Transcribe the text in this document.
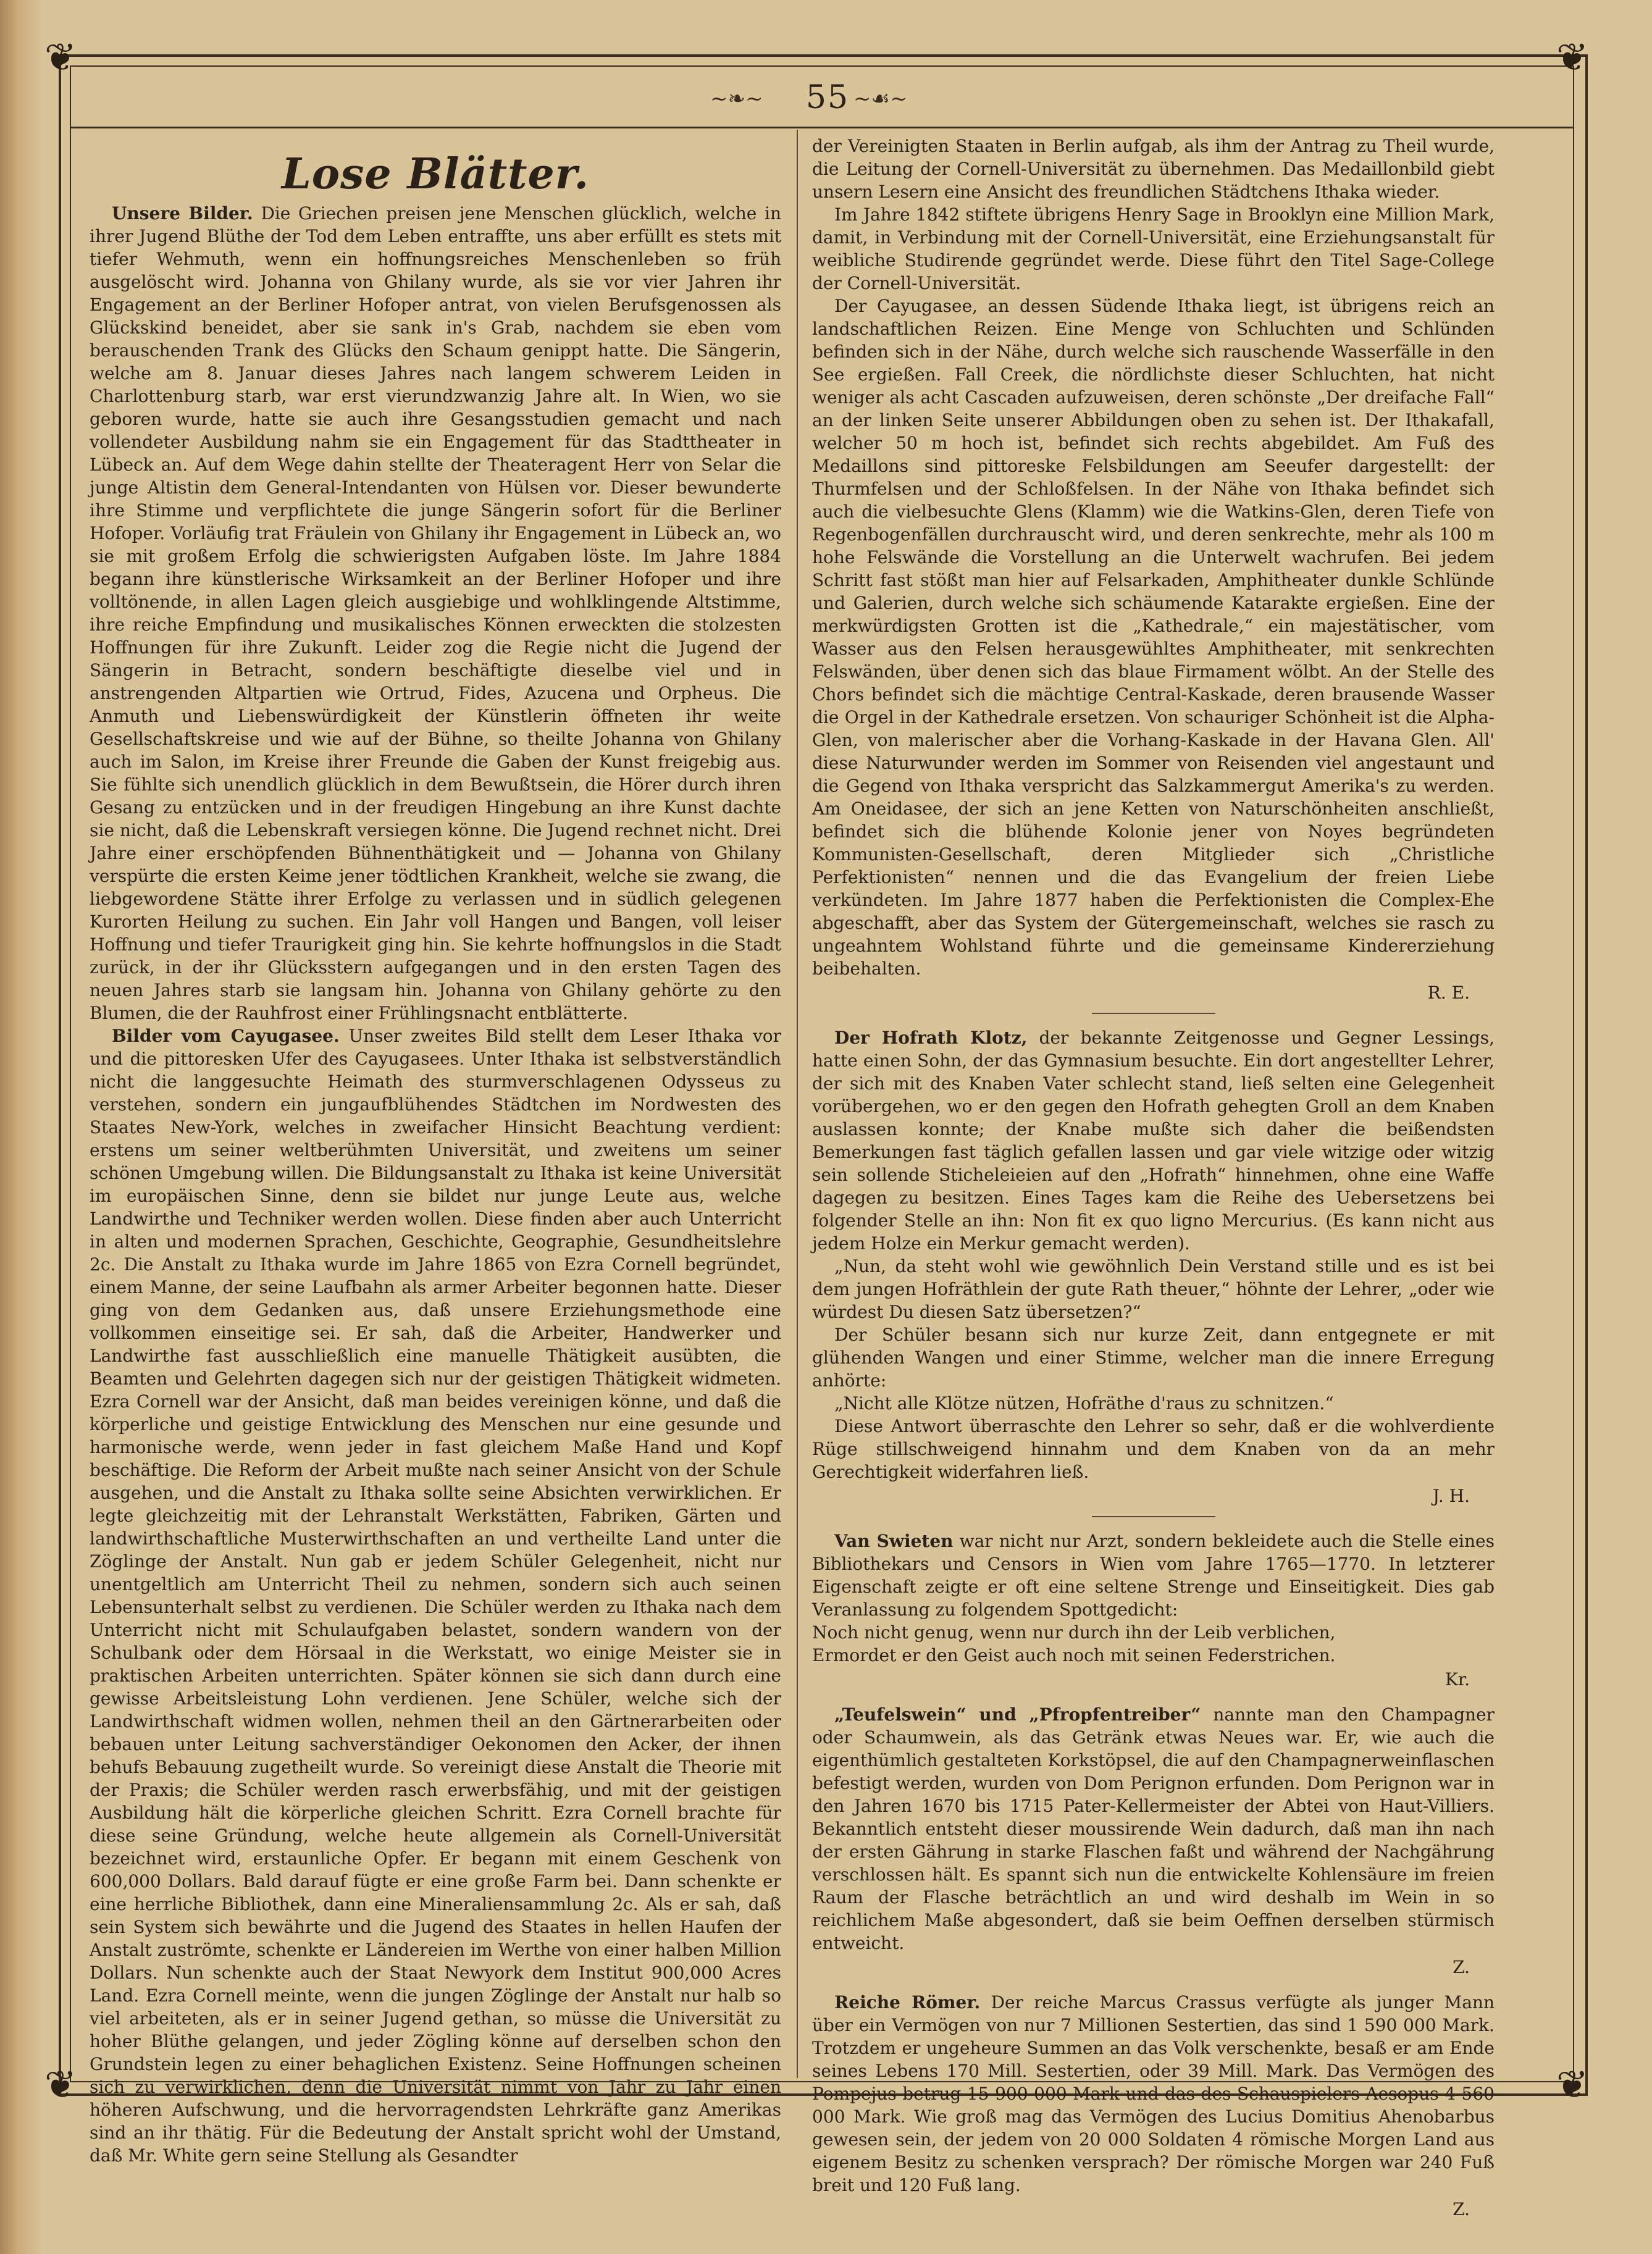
❦	❦
❦	❦
~❧~	55 ~☙~
Lose Blätter.

Unsere Bilder. Die Griechen preisen jene Menschen glücklich, welche in ihrer Jugend Blüthe der Tod dem Leben entraffte, uns aber erfüllt es stets mit tiefer Wehmuth, wenn ein hoffnungsreiches Menschenleben so früh ausgelöscht wird. Johanna von Ghilany wurde, als sie vor vier Jahren ihr Engagement an der Berliner Hofoper antrat, von vielen Berufsgenossen als Glückskind beneidet, aber sie sank in's Grab, nachdem sie eben vom berauschenden Trank des Glücks den Schaum genippt hatte. Die Sängerin, welche am 8. Januar dieses Jahres nach langem schwerem Leiden in Charlottenburg starb, war erst vierundzwanzig Jahre alt. In Wien, wo sie geboren wurde, hatte sie auch ihre Gesangsstudien gemacht und nach vollendeter Ausbildung nahm sie ein Engagement für das Stadttheater in Lübeck an. Auf dem Wege dahin stellte der Theateragent Herr von Selar die junge Altistin dem General-Intendanten von Hülsen vor. Dieser bewunderte ihre Stimme und verpflichtete die junge Sängerin sofort für die Berliner Hofoper. Vorläufig trat Fräulein von Ghilany ihr Engagement in Lübeck an, wo sie mit großem Erfolg die schwierigsten Aufgaben löste. Im Jahre 1884 begann ihre künstlerische Wirksamkeit an der Berliner Hofoper und ihre volltönende, in allen Lagen gleich ausgiebige und wohlklingende Altstimme, ihre reiche Empfindung und musikalisches Können erweckten die stolzesten Hoffnungen für ihre Zukunft. Leider zog die Regie nicht die Jugend der Sängerin in Betracht, sondern beschäftigte dieselbe viel und in anstrengenden Altpartien wie Ortrud, Fides, Azucena und Orpheus. Die Anmuth und Liebenswürdigkeit der Künstlerin öffneten ihr weite Gesellschaftskreise und wie auf der Bühne, so theilte Johanna von Ghilany auch im Salon, im Kreise ihrer Freunde die Gaben der Kunst freigebig aus. Sie fühlte sich unendlich glücklich in dem Bewußtsein, die Hörer durch ihren Gesang zu entzücken und in der freudigen Hingebung an ihre Kunst dachte sie nicht, daß die Lebenskraft versiegen könne. Die Jugend rechnet nicht. Drei Jahre einer erschöpfenden Bühnenthätigkeit und — Johanna von Ghilany verspürte die ersten Keime jener tödtlichen Krankheit, welche sie zwang, die liebgewordene Stätte ihrer Erfolge zu verlassen und in südlich gelegenen Kurorten Heilung zu suchen. Ein Jahr voll Hangen und Bangen, voll leiser Hoffnung und tiefer Traurigkeit ging hin. Sie kehrte hoffnungslos in die Stadt zurück, in der ihr Glücksstern aufgegangen und in den ersten Tagen des neuen Jahres starb sie langsam hin. Johanna von Ghilany gehörte zu den Blumen, die der Rauhfrost einer Frühlingsnacht entblätterte.

Bilder vom Cayugasee. Unser zweites Bild stellt dem Leser Ithaka vor und die pittoresken Ufer des Cayugasees. Unter Ithaka ist selbstverständlich nicht die langgesuchte Heimath des sturmverschlagenen Odysseus zu verstehen, sondern ein jungaufblühendes Städtchen im Nordwesten des Staates New-York, welches in zweifacher Hinsicht Beachtung verdient: erstens um seiner weltberühmten Universität, und zweitens um seiner schönen Umgebung willen. Die Bildungsanstalt zu Ithaka ist keine Universität im europäischen Sinne, denn sie bildet nur junge Leute aus, welche Landwirthe und Techniker werden wollen. Diese finden aber auch Unterricht in alten und modernen Sprachen, Geschichte, Geographie, Gesundheitslehre 2c. Die Anstalt zu Ithaka wurde im Jahre 1865 von Ezra Cornell begründet, einem Manne, der seine Laufbahn als armer Arbeiter begonnen hatte. Dieser ging von dem Gedanken aus, daß unsere Erziehungsmethode eine vollkommen einseitige sei. Er sah, daß die Arbeiter, Handwerker und Landwirthe fast ausschließlich eine manuelle Thätigkeit ausübten, die Beamten und Gelehrten dagegen sich nur der geistigen Thätigkeit widmeten. Ezra Cornell war der Ansicht, daß man beides vereinigen könne, und daß die körperliche und geistige Entwicklung des Menschen nur eine gesunde und harmonische werde, wenn jeder in fast gleichem Maße Hand und Kopf beschäftige. Die Reform der Arbeit mußte nach seiner Ansicht von der Schule ausgehen, und die Anstalt zu Ithaka sollte seine Absichten verwirklichen. Er legte gleichzeitig mit der Lehranstalt Werkstätten, Fabriken, Gärten und landwirthschaftliche Musterwirthschaften an und vertheilte Land unter die Zöglinge der Anstalt. Nun gab er jedem Schüler Gelegenheit, nicht nur unentgeltlich am Unterricht Theil zu nehmen, sondern sich auch seinen Lebensunterhalt selbst zu verdienen. Die Schüler werden zu Ithaka nach dem Unterricht nicht mit Schulaufgaben belastet, sondern wandern von der Schulbank oder dem Hörsaal in die Werkstatt, wo einige Meister sie in praktischen Arbeiten unterrichten. Später können sie sich dann durch eine gewisse Arbeitsleistung Lohn verdienen. Jene Schüler, welche sich der Landwirthschaft widmen wollen, nehmen theil an den Gärtnerarbeiten oder bebauen unter Leitung sachverständiger Oekonomen den Acker, der ihnen behufs Bebauung zugetheilt wurde. So vereinigt diese Anstalt die Theorie mit der Praxis; die Schüler werden rasch erwerbsfähig, und mit der geistigen Ausbildung hält die körperliche gleichen Schritt. Ezra Cornell brachte für diese seine Gründung, welche heute allgemein als Cornell-Universität bezeichnet wird, erstaunliche Opfer. Er begann mit einem Geschenk von 600,000 Dollars. Bald darauf fügte er eine große Farm bei. Dann schenkte er eine herrliche Bibliothek, dann eine Mineraliensammlung 2c. Als er sah, daß sein System sich bewährte und die Jugend des Staates in hellen Haufen der Anstalt zuströmte, schenkte er Ländereien im Werthe von einer halben Million Dollars. Nun schenkte auch der Staat Newyork dem Institut 900,000 Acres Land. Ezra Cornell meinte, wenn die jungen Zöglinge der Anstalt nur halb so viel arbeiteten, als er in seiner Jugend gethan, so müsse die Universität zu hoher Blüthe gelangen, und jeder Zögling könne auf derselben schon den Grundstein legen zu einer behaglichen Existenz. Seine Hoffnungen scheinen sich zu verwirklichen, denn die Universität nimmt von Jahr zu Jahr einen höheren Aufschwung, und die hervorragendsten Lehrkräfte ganz Amerikas sind an ihr thätig. Für die Bedeutung der Anstalt spricht wohl der Umstand, daß Mr. White gern seine Stellung als Gesandter

der Vereinigten Staaten in Berlin aufgab, als ihm der Antrag zu Theil wurde, die Leitung der Cornell-Universität zu übernehmen. Das Medaillonbild giebt unsern Lesern eine Ansicht des freundlichen Städtchens Ithaka wieder.

Im Jahre 1842 stiftete übrigens Henry Sage in Brooklyn eine Million Mark, damit, in Verbindung mit der Cornell-Universität, eine Erziehungsanstalt für weibliche Studirende gegründet werde. Diese führt den Titel Sage-College der Cornell-Universität.

Der Cayugasee, an dessen Südende Ithaka liegt, ist übrigens reich an landschaftlichen Reizen. Eine Menge von Schluchten und Schlünden befinden sich in der Nähe, durch welche sich rauschende Wasserfälle in den See ergießen. Fall Creek, die nördlichste dieser Schluchten, hat nicht weniger als acht Cascaden aufzuweisen, deren schönste „Der dreifache Fall“ an der linken Seite unserer Abbildungen oben zu sehen ist. Der Ithakafall, welcher 50 m hoch ist, befindet sich rechts abgebildet. Am Fuß des Medaillons sind pittoreske Felsbildungen am Seeufer dargestellt: der Thurmfelsen und der Schloßfelsen. In der Nähe von Ithaka befindet sich auch die vielbesuchte Glens (Klamm) wie die Watkins-Glen, deren Tiefe von Regenbogenfällen durchrauscht wird, und deren senkrechte, mehr als 100 m hohe Felswände die Vorstellung an die Unterwelt wachrufen. Bei jedem Schritt fast stößt man hier auf Felsarkaden, Amphitheater dunkle Schlünde und Galerien, durch welche sich schäumende Katarakte ergießen. Eine der merkwürdigsten Grotten ist die „Kathedrale,“ ein majestätischer, vom Wasser aus den Felsen herausgewühltes Amphitheater, mit senkrechten Felswänden, über denen sich das blaue Firmament wölbt. An der Stelle des Chors befindet sich die mächtige Central-Kaskade, deren brausende Wasser die Orgel in der Kathedrale ersetzen. Von schauriger Schönheit ist die Alpha-Glen, von malerischer aber die Vorhang-Kaskade in der Havana Glen. All' diese Naturwunder werden im Sommer von Reisenden viel angestaunt und die Gegend von Ithaka verspricht das Salzkammergut Amerika's zu werden. Am Oneidasee, der sich an jene Ketten von Naturschönheiten anschließt, befindet sich die blühende Kolonie jener von Noyes begründeten Kommunisten-Gesellschaft, deren Mitglieder sich „Christliche Perfektionisten“ nennen und die das Evangelium der freien Liebe verkündeten. Im Jahre 1877 haben die Perfektionisten die Complex-Ehe abgeschafft, aber das System der Gütergemeinschaft, welches sie rasch zu ungeahntem Wohlstand führte und die gemeinsame Kindererziehung beibehalten.

R. E.

Der Hofrath Klotz, der bekannte Zeitgenosse und Gegner Lessings, hatte einen Sohn, der das Gymnasium besuchte. Ein dort angestellter Lehrer, der sich mit des Knaben Vater schlecht stand, ließ selten eine Gelegenheit vorübergehen, wo er den gegen den Hofrath gehegten Groll an dem Knaben auslassen konnte; der Knabe mußte sich daher die beißendsten Bemerkungen fast täglich gefallen lassen und gar viele witzige oder witzig sein sollende Sticheleieien auf den „Hofrath“ hinnehmen, ohne eine Waffe dagegen zu besitzen. Eines Tages kam die Reihe des Uebersetzens bei folgender Stelle an ihn: Non fit ex quo ligno Mercurius. (Es kann nicht aus jedem Holze ein Merkur gemacht werden).

„Nun, da steht wohl wie gewöhnlich Dein Verstand stille und es ist bei dem jungen Hofräthlein der gute Rath theuer,“ höhnte der Lehrer, „oder wie würdest Du diesen Satz übersetzen?“

Der Schüler besann sich nur kurze Zeit, dann entgegnete er mit glühenden Wangen und einer Stimme, welcher man die innere Erregung anhörte:

„Nicht alle Klötze nützen, Hofräthe d'raus zu schnitzen.“

Diese Antwort überraschte den Lehrer so sehr, daß er die wohlverdiente Rüge stillschweigend hinnahm und dem Knaben von da an mehr Gerechtigkeit widerfahren ließ.

J. H.

Van Swieten war nicht nur Arzt, sondern bekleidete auch die Stelle eines Bibliothekars und Censors in Wien vom Jahre 1765—1770. In letzterer Eigenschaft zeigte er oft eine seltene Strenge und Einseitigkeit. Dies gab Veranlassung zu folgendem Spottgedicht:

Noch nicht genug, wenn nur durch ihn der Leib verblichen,

Ermordet er den Geist auch noch mit seinen Federstrichen.

Kr.

„Teufelswein“ und „Pfropfentreiber“ nannte man den Champagner oder Schaumwein, als das Getränk etwas Neues war. Er, wie auch die eigenthümlich gestalteten Korkstöpsel, die auf den Champagnerweinflaschen befestigt werden, wurden von Dom Perignon erfunden. Dom Perignon war in den Jahren 1670 bis 1715 Pater-Kellermeister der Abtei von Haut-Villiers. Bekanntlich entsteht dieser moussirende Wein dadurch, daß man ihn nach der ersten Gährung in starke Flaschen faßt und während der Nachgährung verschlossen hält. Es spannt sich nun die entwickelte Kohlensäure im freien Raum der Flasche beträchtlich an und wird deshalb im Wein in so reichlichem Maße abgesondert, daß sie beim Oeffnen derselben stürmisch entweicht.

Z.

Reiche Römer. Der reiche Marcus Crassus verfügte als junger Mann über ein Vermögen von nur 7 Millionen Sestertien, das sind 1 590 000 Mark. Trotzdem er ungeheure Summen an das Volk verschenkte, besaß er am Ende seines Lebens 170 Mill. Sestertien, oder 39 Mill. Mark. Das Vermögen des Pompejus betrug 15 900 000 Mark und das des Schauspielers Aesopus 4 560 000 Mark. Wie groß mag das Vermögen des Lucius Domitius Ahenobarbus gewesen sein, der jedem von 20 000 Soldaten 4 römische Morgen Land aus eigenem Besitz zu schenken versprach? Der römische Morgen war 240 Fuß breit und 120 Fuß lang.

Z.
